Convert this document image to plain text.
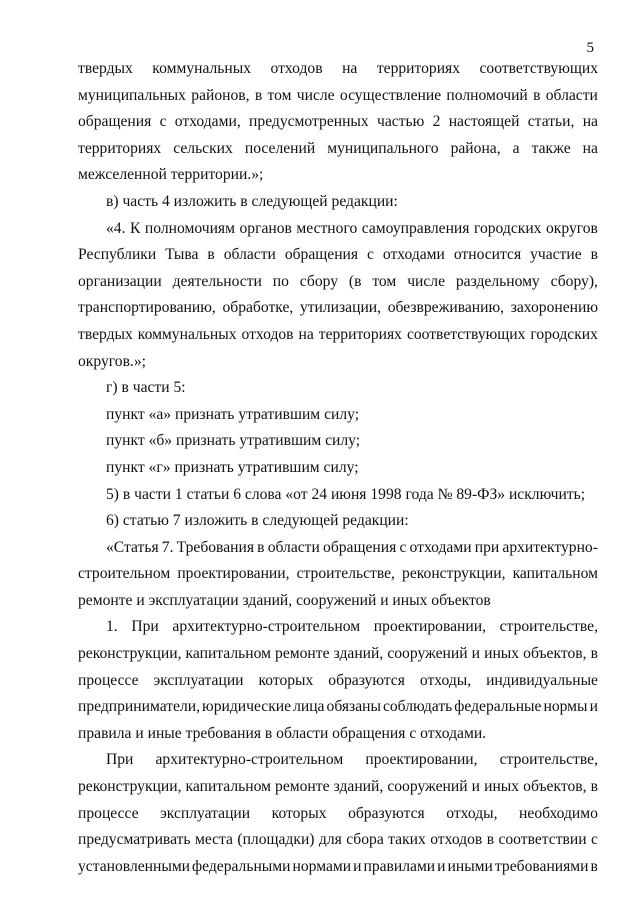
5
твердых коммунальных отходов на территориях соответствующих
муниципальных районов, в том числе осуществление полномочий в области
обращения с отходами, предусмотренных частью 2 настоящей статьи, на
территориях сельских поселений муниципального района, а также на
межселенной территории.»;
в) часть 4 изложить в следующей редакции:
«4. К полномочиям органов местного самоуправления городских округов
Республики Тыва в области обращения с отходами относится участие в
организации деятельности по сбору (в том числе раздельному сбору),
транспортированию, обработке, утилизации, обезвреживанию, захоронению
твердых коммунальных отходов на территориях соответствующих городских
округов.»;
г) в части 5:
пункт «а» признать утратившим силу;
пункт «б» признать утратившим силу;
пункт «г» признать утратившим силу;
5) в части 1 статьи 6 слова «от 24 июня 1998 года № 89-ФЗ» исключить;
6) статью 7 изложить в следующей редакции:
«Статья 7. Требования в области обращения с отходами при архитектурно-
строительном проектировании, строительстве, реконструкции, капитальном
ремонте и эксплуатации зданий, сооружений и иных объектов
1. При архитектурно-строительном проектировании, строительстве,
реконструкции, капитальном ремонте зданий, сооружений и иных объектов, в
процессе эксплуатации которых образуются отходы, индивидуальные
предприниматели, юридические лица обязаны соблюдать федеральные нормы и
правила и иные требования в области обращения с отходами.
При архитектурно-строительном проектировании, строительстве,
реконструкции, капитальном ремонте зданий, сооружений и иных объектов, в
процессе эксплуатации которых образуются отходы, необходимо
предусматривать места (площадки) для сбора таких отходов в соответствии с
установленными федеральными нормами и правилами и иными требованиями в
